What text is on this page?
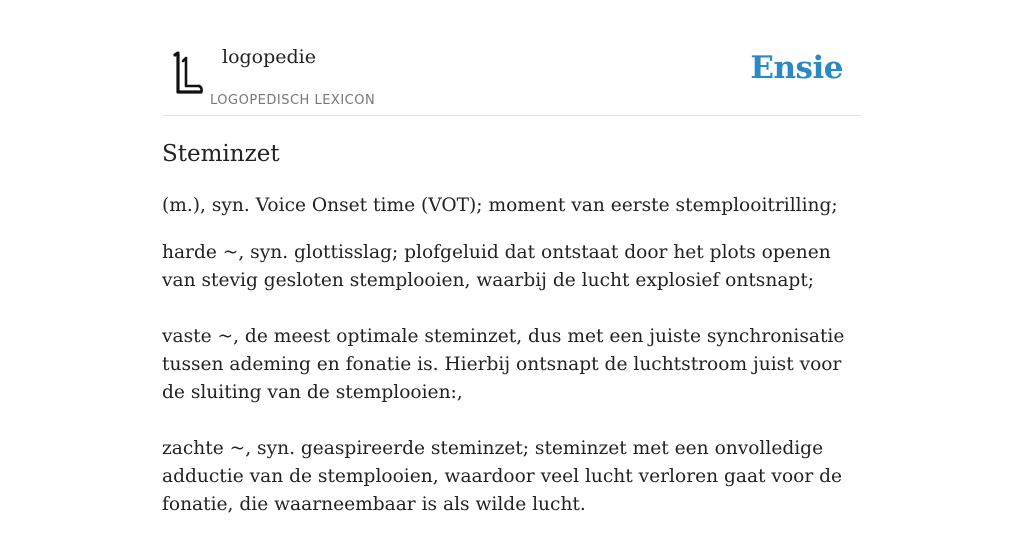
logopedie
LOGOPEDISCH LEXICON
Ensie
Steminzet

(m.), syn. Voice Onset time (VOT); moment van eerste stemplooitrilling;

harde ~, syn. glottisslag; plofgeluid dat ontstaat door het plots openen van stevig gesloten stemplooien, waarbij de lucht explosief ontsnapt;

vaste ~, de meest optimale steminzet, dus met een juiste synchronisatie tussen ademing en fonatie is. Hierbij ontsnapt de luchtstroom juist voor de sluiting van de stemplooien:,

zachte ~, syn. geaspireerde steminzet; steminzet met een onvolledige adductie van de stemplooien, waardoor veel lucht verloren gaat voor de fonatie, die waarneembaar is als wilde lucht.
